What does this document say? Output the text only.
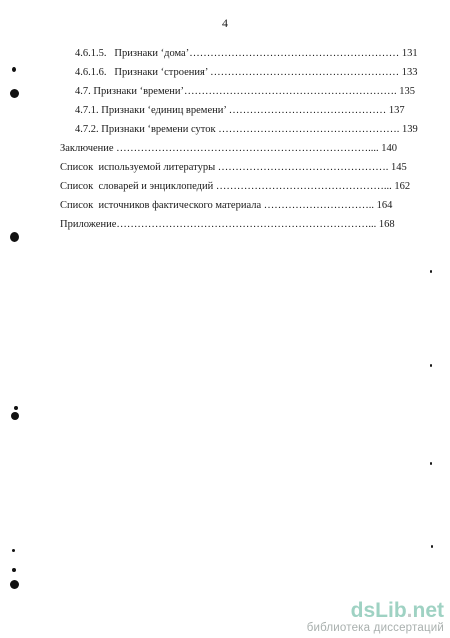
4
4.6.1.5.   Признаки ‘дома’…………………………………………………… 131
4.6.1.6.   Признаки ‘строения’ ……………………………………………… 133
4.7. Признаки ‘времени’……………………………………………………. 135
4.7.1. Признаки ‘единиц времени’ ……………………………………… 137
4.7.2. Признаки ‘времени суток ……………………………………………. 139
Заключение ……………………………………………………………….... 140
Список  используемой литературы …………………………………………. 145
Список  словарей и энциклопедий …………………………………………... 162
Список  источников фактического материала ………………………….. 164
Приложение………………………………………………………………... 168
dsLib.net
библиотека диссертаций
